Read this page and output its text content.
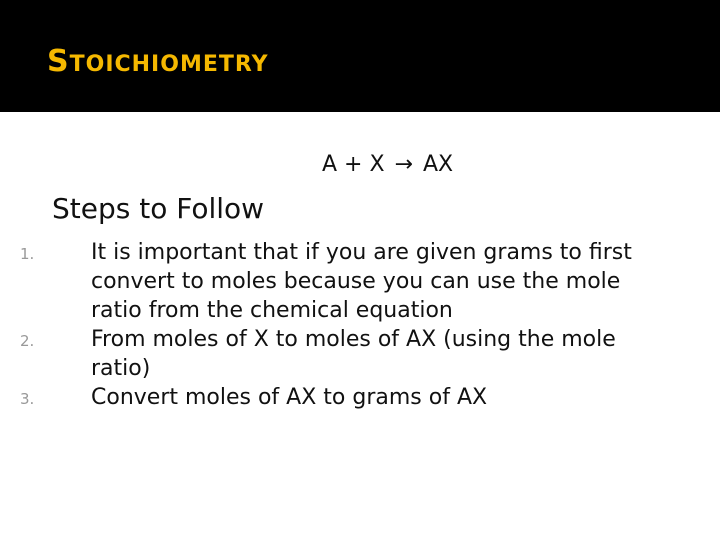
STOICHIOMETRY
A + X → AX
Steps to Follow
1.	It is important that if you are given grams to first convert to moles because you can use the mole ratio from the chemical equation
2.	From moles of X to moles of AX (using the mole ratio)
3.	Convert moles of AX to grams of AX
